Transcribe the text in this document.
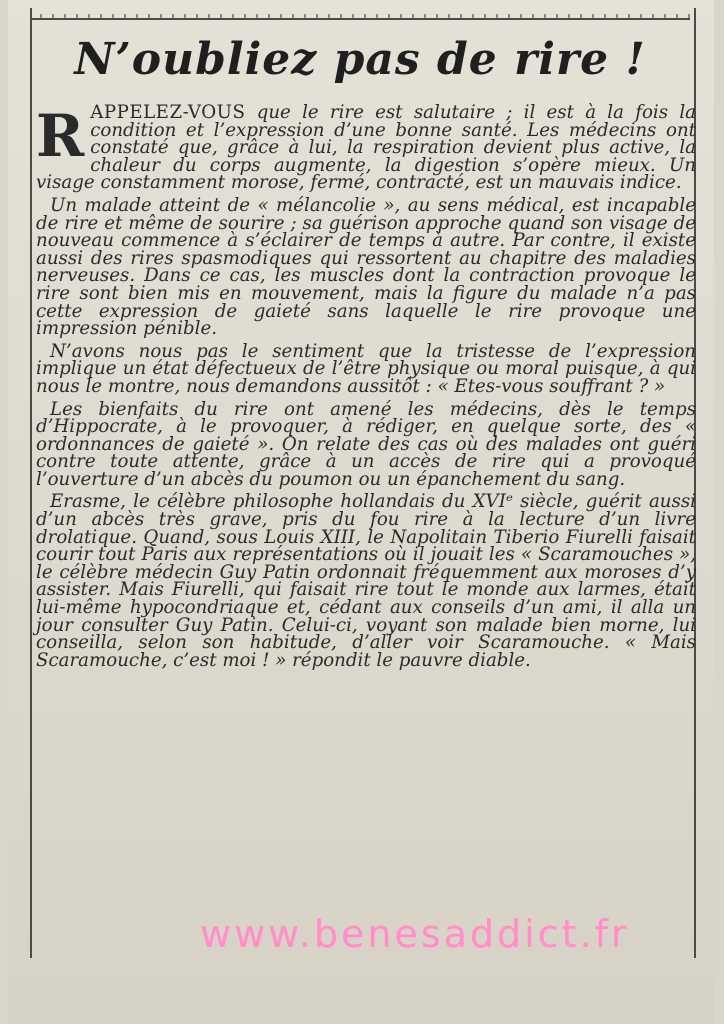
N’oubliez pas de rire !

RAPPELEZ-VOUS que le rire est salutaire ; il est à la fois la condition et l’expression d’une bonne santé. Les médecins ont constaté que, grâce à lui, la respiration devient plus active, la chaleur du corps augmente, la digestion s’opère mieux. Un visage constamment morose, fermé, contracté, est un mauvais indice.

Un malade atteint de « mélancolie », au sens médical, est incapable de rire et même de sourire ; sa guérison approche quand son visage de nouveau commence à s’éclairer de temps à autre. Par contre, il existe aussi des rires spasmodiques qui ressortent au chapitre des maladies nerveuses. Dans ce cas, les muscles dont la contraction provoque le rire sont bien mis en mouvement, mais la figure du malade n’a pas cette expression de gaieté sans laquelle le rire provoque une impression pénible.

N’avons nous pas le sentiment que la tristesse de l’expression implique un état défectueux de l’être physique ou moral puisque, à qui nous le montre, nous demandons aussitôt : « Etes-vous souffrant ? »

Les bienfaits du rire ont amené les médecins, dès le temps d’Hippocrate, à le provoquer, à rédiger, en quelque sorte, des « ordonnances de gaieté ». On relate des cas où des malades ont guéri contre toute attente, grâce à un accès de rire qui a provoqué l’ouverture d’un abcès du poumon ou un épanchement du sang.

Erasme, le célèbre philosophe hollandais du XVIᵉ siècle, guérit aussi d’un abcès très grave, pris du fou rire à la lecture d’un livre drolatique. Quand, sous Louis XIII, le Napolitain Tiberio Fiurelli faisait courir tout Paris aux représentations où il jouait les « Scaramouches », le célèbre médecin Guy Patin ordonnait fréquemment aux moroses d’y assister. Mais Fiurelli, qui faisait rire tout le monde aux larmes, était lui-même hypocondriaque et, cédant aux conseils d’un ami, il alla un jour consulter Guy Patin. Celui-ci, voyant son malade bien morne, lui conseilla, selon son habitude, d’aller voir Scaramouche. « Mais Scaramouche, c’est moi ! » répondit le pauvre diable.

www.benesaddict.fr
